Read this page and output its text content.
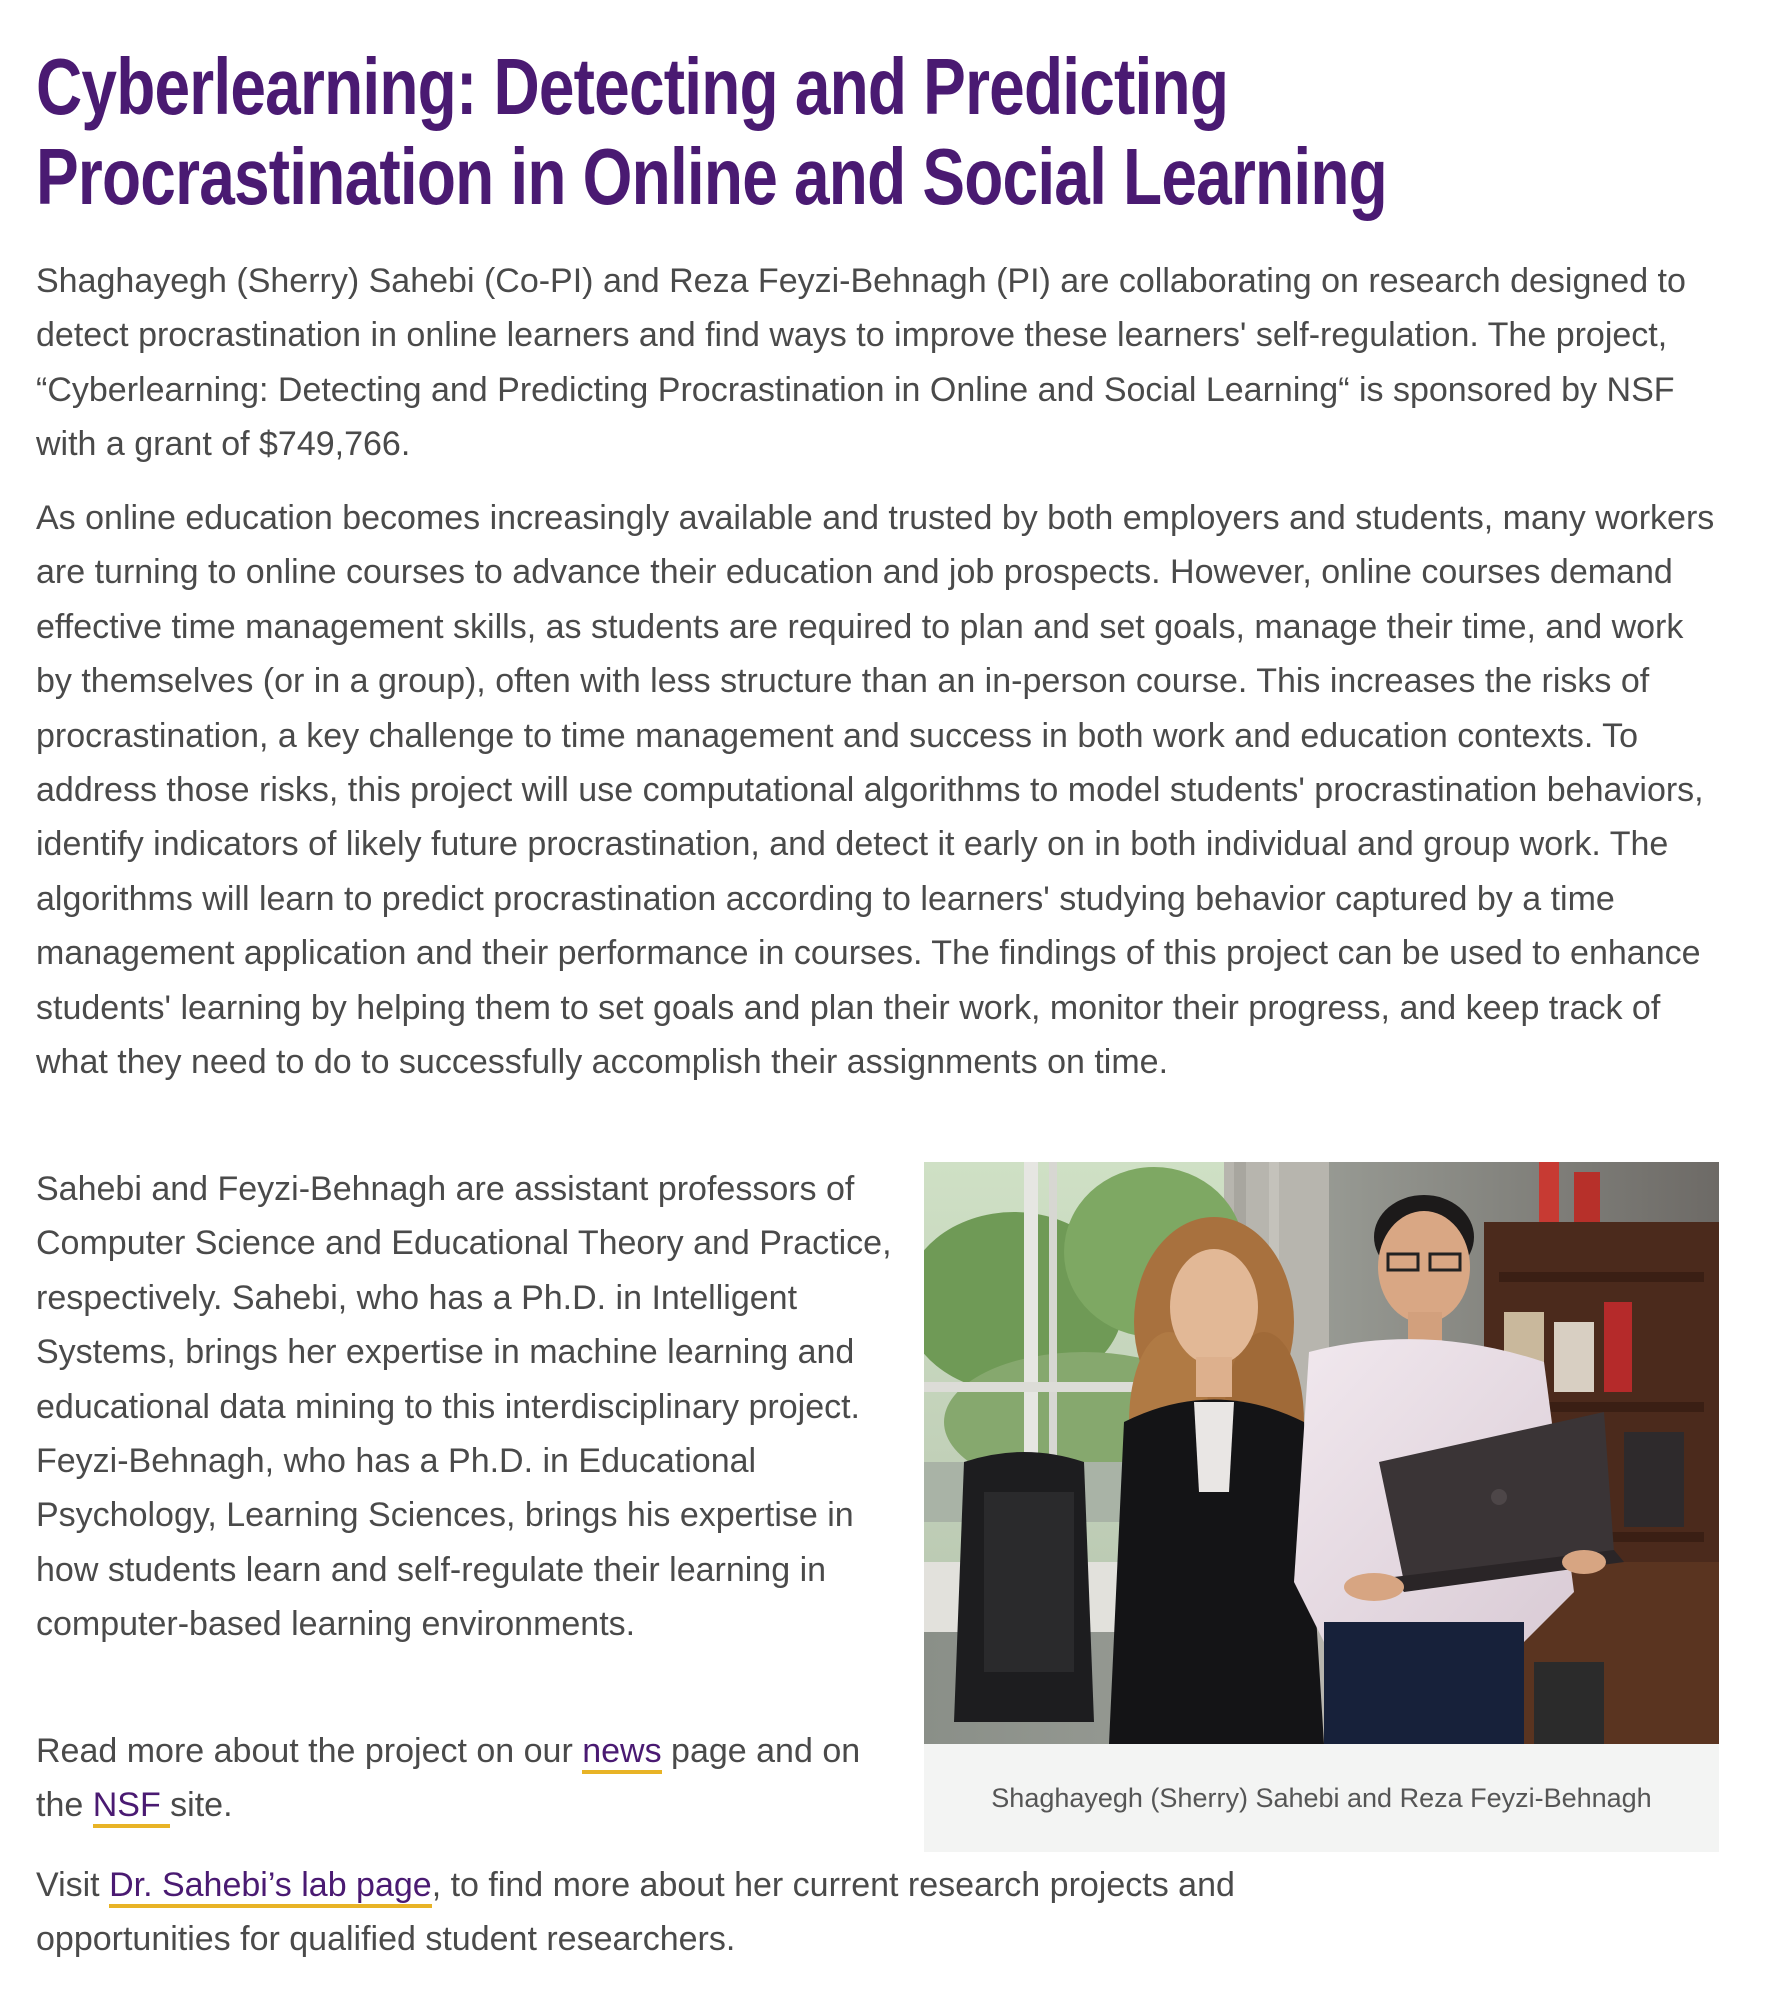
Cyberlearning: Detecting and Predicting
Procrastination in Online and Social Learning

Shaghayegh (Sherry) Sahebi (Co-PI) and Reza Feyzi-Behnagh (PI) are collaborating on research designed to detect procrastination in online learners and find ways to improve these learners' self-regulation. The project, “Cyberlearning: Detecting and Predicting Procrastination in Online and Social Learning“ is sponsored by NSF with a grant of $749,766.

As online education becomes increasingly available and trusted by both employers and students, many workers are turning to online courses to advance their education and job prospects. However, online courses demand effective time management skills, as students are required to plan and set goals, manage their time, and work by themselves (or in a group), often with less structure than an in-person course. This increases the risks of procrastination, a key challenge to time management and success in both work and education contexts. To address those risks, this project will use computational algorithms to model students' procrastination behaviors, identify indicators of likely future procrastination, and detect it early on in both individual and group work. The algorithms will learn to predict procrastination according to learners' studying behavior captured by a time management application and their performance in courses. The findings of this project can be used to enhance students' learning by helping them to set goals and plan their work, monitor their progress, and keep track of what they need to do to successfully accomplish their assignments on time.

Sahebi and Feyzi-Behnagh are assistant professors of Computer Science and Educational Theory and Practice, respectively. Sahebi, who has a Ph.D. in Intelligent Systems, brings her expertise in machine learning and educational data mining to this interdisciplinary project. Feyzi-Behnagh, who has a Ph.D. in Educational Psychology, Learning Sciences, brings his expertise in how students learn and self-regulate their learning in computer-based learning environments.

Shaghayegh (Sherry) Sahebi and Reza Feyzi-Behnagh

Read more about the project on our news page and on the NSF site.

Visit Dr. Sahebi’s lab page, to find more about her current research projects and opportunities for qualified student researchers.
